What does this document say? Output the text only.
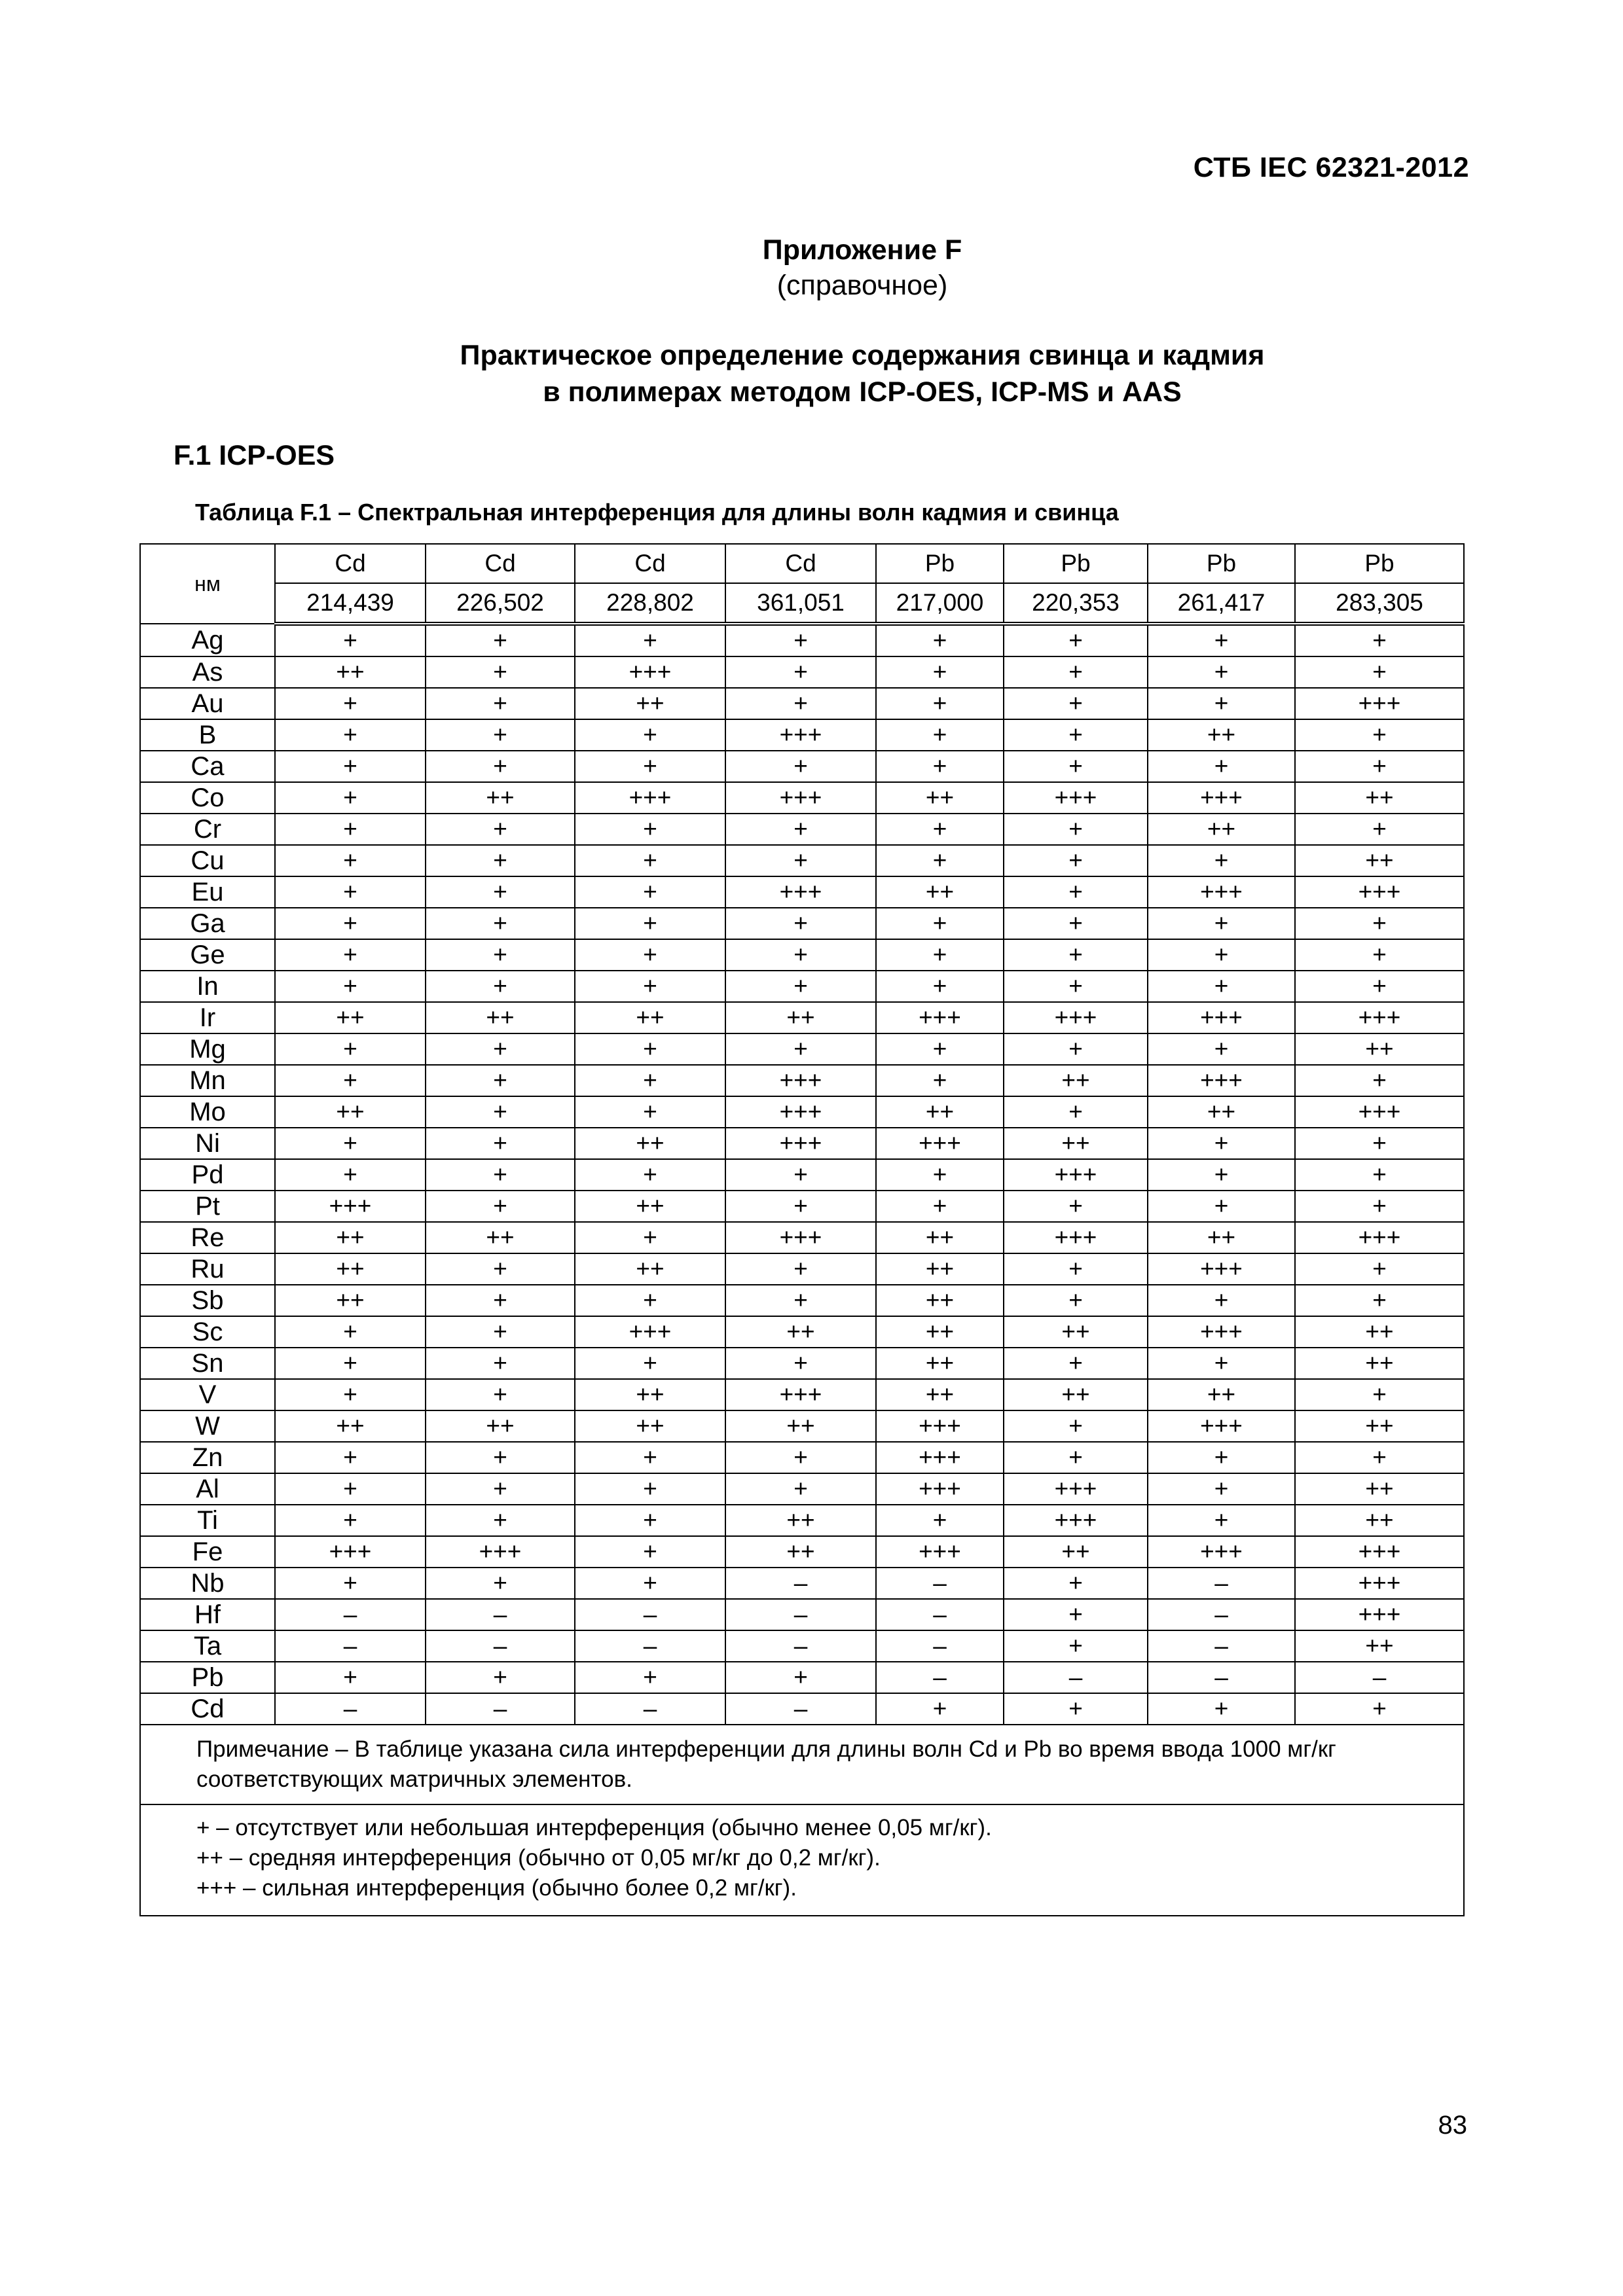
СТБ IEC 62321-2012
Приложение F
(справочное)
Практическое определение содержания свинца и кадмия
в полимерах методом ICP-OES, ICP-MS и AAS
F.1 ICP-OES
Таблица F.1 – Спектральная интерференция для длины волн кадмия и свинца
нм	Cd	Cd	Cd	Cd	Pb	Pb	Pb	Pb
	214,439	226,502	228,802	361,051	217,000	220,353	261,417	283,305
Ag	+	+	+	+	+	+	+	+
As	++	+	+++	+	+	+	+	+
Au	+	+	++	+	+	+	+	+++
B	+	+	+	+++	+	+	++	+
Ca	+	+	+	+	+	+	+	+
Co	+	++	+++	+++	++	+++	+++	++
Cr	+	+	+	+	+	+	++	+
Cu	+	+	+	+	+	+	+	++
Eu	+	+	+	+++	++	+	+++	+++
Ga	+	+	+	+	+	+	+	+
Ge	+	+	+	+	+	+	+	+
In	+	+	+	+	+	+	+	+
Ir	++	++	++	++	+++	+++	+++	+++
Mg	+	+	+	+	+	+	+	++
Mn	+	+	+	+++	+	++	+++	+
Mo	++	+	+	+++	++	+	++	+++
Ni	+	+	++	+++	+++	++	+	+
Pd	+	+	+	+	+	+++	+	+
Pt	+++	+	++	+	+	+	+	+
Re	++	++	+	+++	++	+++	++	+++
Ru	++	+	++	+	++	+	+++	+
Sb	++	+	+	+	++	+	+	+
Sc	+	+	+++	++	++	++	+++	++
Sn	+	+	+	+	++	+	+	++
V	+	+	++	+++	++	++	++	+
W	++	++	++	++	+++	+	+++	++
Zn	+	+	+	+	+++	+	+	+
Al	+	+	+	+	+++	+++	+	++
Ti	+	+	+	++	+	+++	+	++
Fe	+++	+++	+	++	+++	++	+++	+++
Nb	+	+	+	–	–	+	–	+++
Hf	–	–	–	–	–	+	–	+++
Ta	–	–	–	–	–	+	–	++
Pb	+	+	+	+	–	–	–	–
Cd	–	–	–	–	+	+	+	+
Примечание – В таблице указана сила интерференции для длины волн Cd и Pb во время ввода 1000 мг/кг соответствующих матричных элементов.								

+ – отсутствует или небольшая интерференция (обычно менее 0,05 мг/кг).
++ – средняя интерференция (обычно от 0,05 мг/кг до 0,2 мг/кг).
+++ – сильная интерференция (обычно более 0,2 мг/кг).								
83
